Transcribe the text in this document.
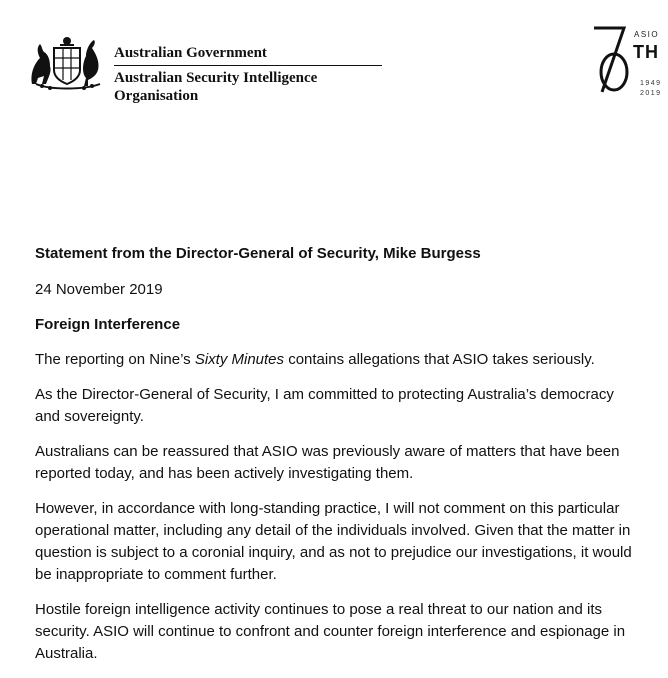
Australian Government
Australian Security Intelligence Organisation
ASIO
TH
1949
2019

Statement from the Director-General of Security, Mike Burgess

24 November 2019

Foreign Interference

The reporting on Nine’s Sixty Minutes contains allegations that ASIO takes seriously.

As the Director-General of Security, I am committed to protecting Australia’s democracy and sovereignty.

Australians can be reassured that ASIO was previously aware of matters that have been reported today, and has been actively investigating them.

However, in accordance with long-standing practice, I will not comment on this particular operational matter, including any detail of the individuals involved. Given that the matter in question is subject to a coronial inquiry, and as not to prejudice our investigations, it would be inappropriate to comment further.

Hostile foreign intelligence activity continues to pose a real threat to our nation and its security. ASIO will continue to confront and counter foreign interference and espionage in Australia.
